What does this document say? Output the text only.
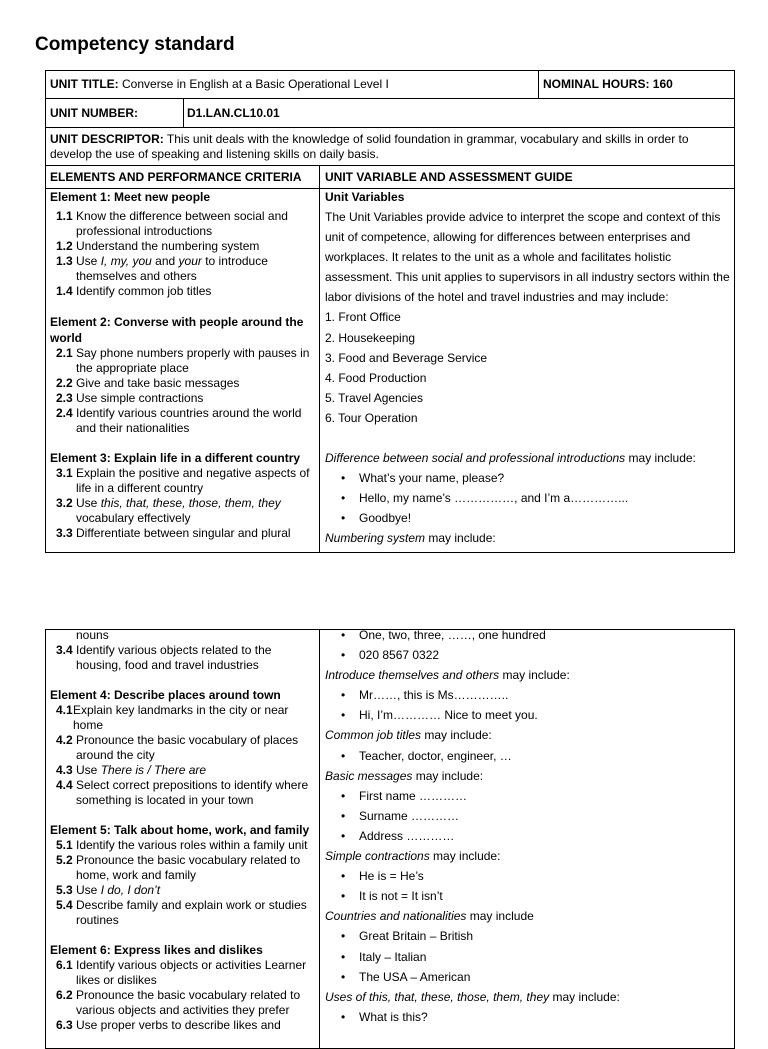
Competency standard
UNIT TITLE: Converse in English at a Basic Operational Level I	NOMINAL HOURS: 160
UNIT NUMBER:	D1.LAN.CL10.01
UNIT DESCRIPTOR: This unit deals with the knowledge of solid foundation in grammar, vocabulary and skills in order to develop the use of speaking and listening skills on daily basis.
ELEMENTS AND PERFORMANCE CRITERIA UNIT VARIABLE AND ASSESSMENT GUIDE

Element 1: Meet new people

1.1 Know the difference between social and professional introductions
1.2 Understand the numbering system
1.3 Use I, my, you and your to introduce themselves and others
1.4 Identify common job titles

Element 2: Converse with people around the world

2.1 Say phone numbers properly with pauses in the appropriate place
2.2 Give and take basic messages
2.3 Use simple contractions
2.4 Identify various countries around the world and their nationalities

Element 3: Explain life in a different country

3.1 Explain the positive and negative aspects of life in a different country
3.2 Use this, that, these, those, them, they vocabulary effectively
3.3 Differentiate between singular and plural
Unit Variables
The Unit Variables provide advice to interpret the scope and context of this unit of competence, allowing for differences between enterprises and workplaces. It relates to the unit as a whole and facilitates holistic assessment. This unit applies to supervisors in all industry sectors within the labor divisions of the hotel and travel industries and may include:
1. Front Office
2. Housekeeping
3. Food and Beverage Service
4. Food Production
5. Travel Agencies
6. Tour Operation
Difference between social and professional introductions may include:
• What’s your name, please?
• Hello, my name’s ……………, and I’m a…………...
• Goodbye!
Numbering system may include:
nouns
3.4 Identify various objects related to the housing, food and travel industries

Element 4: Describe places around town

4.1 Explain key landmarks in the city or near home
4.2 Pronounce the basic vocabulary of places around the city
4.3 Use There is / There are
4.4 Select correct prepositions to identify where something is located in your town

Element 5: Talk about home, work, and family

5.1 Identify the various roles within a family unit
5.2 Pronounce the basic vocabulary related to home, work and family
5.3 Use I do, I don’t
5.4 Describe family and explain work or studies routines

Element 6: Express likes and dislikes

6.1 Identify various objects or activities Learner likes or dislikes
6.2 Pronounce the basic vocabulary related to various objects and activities they prefer
6.3 Use proper verbs to describe likes and
• One, two, three, ……, one hundred
• 020 8567 0322
Introduce themselves and others may include:
• Mr……, this is Ms…………..
• Hi, I’m………… Nice to meet you.
Common job titles may include:
• Teacher, doctor, engineer, …
Basic messages may include:
• First name …………
• Surname …………
• Address …………
Simple contractions may include:
• He is = He’s
• It is not = It isn’t
Countries and nationalities may include
• Great Britain – British
• Italy – Italian
• The USA – American
Uses of this, that, these, those, them, they may include:
• What is this?
